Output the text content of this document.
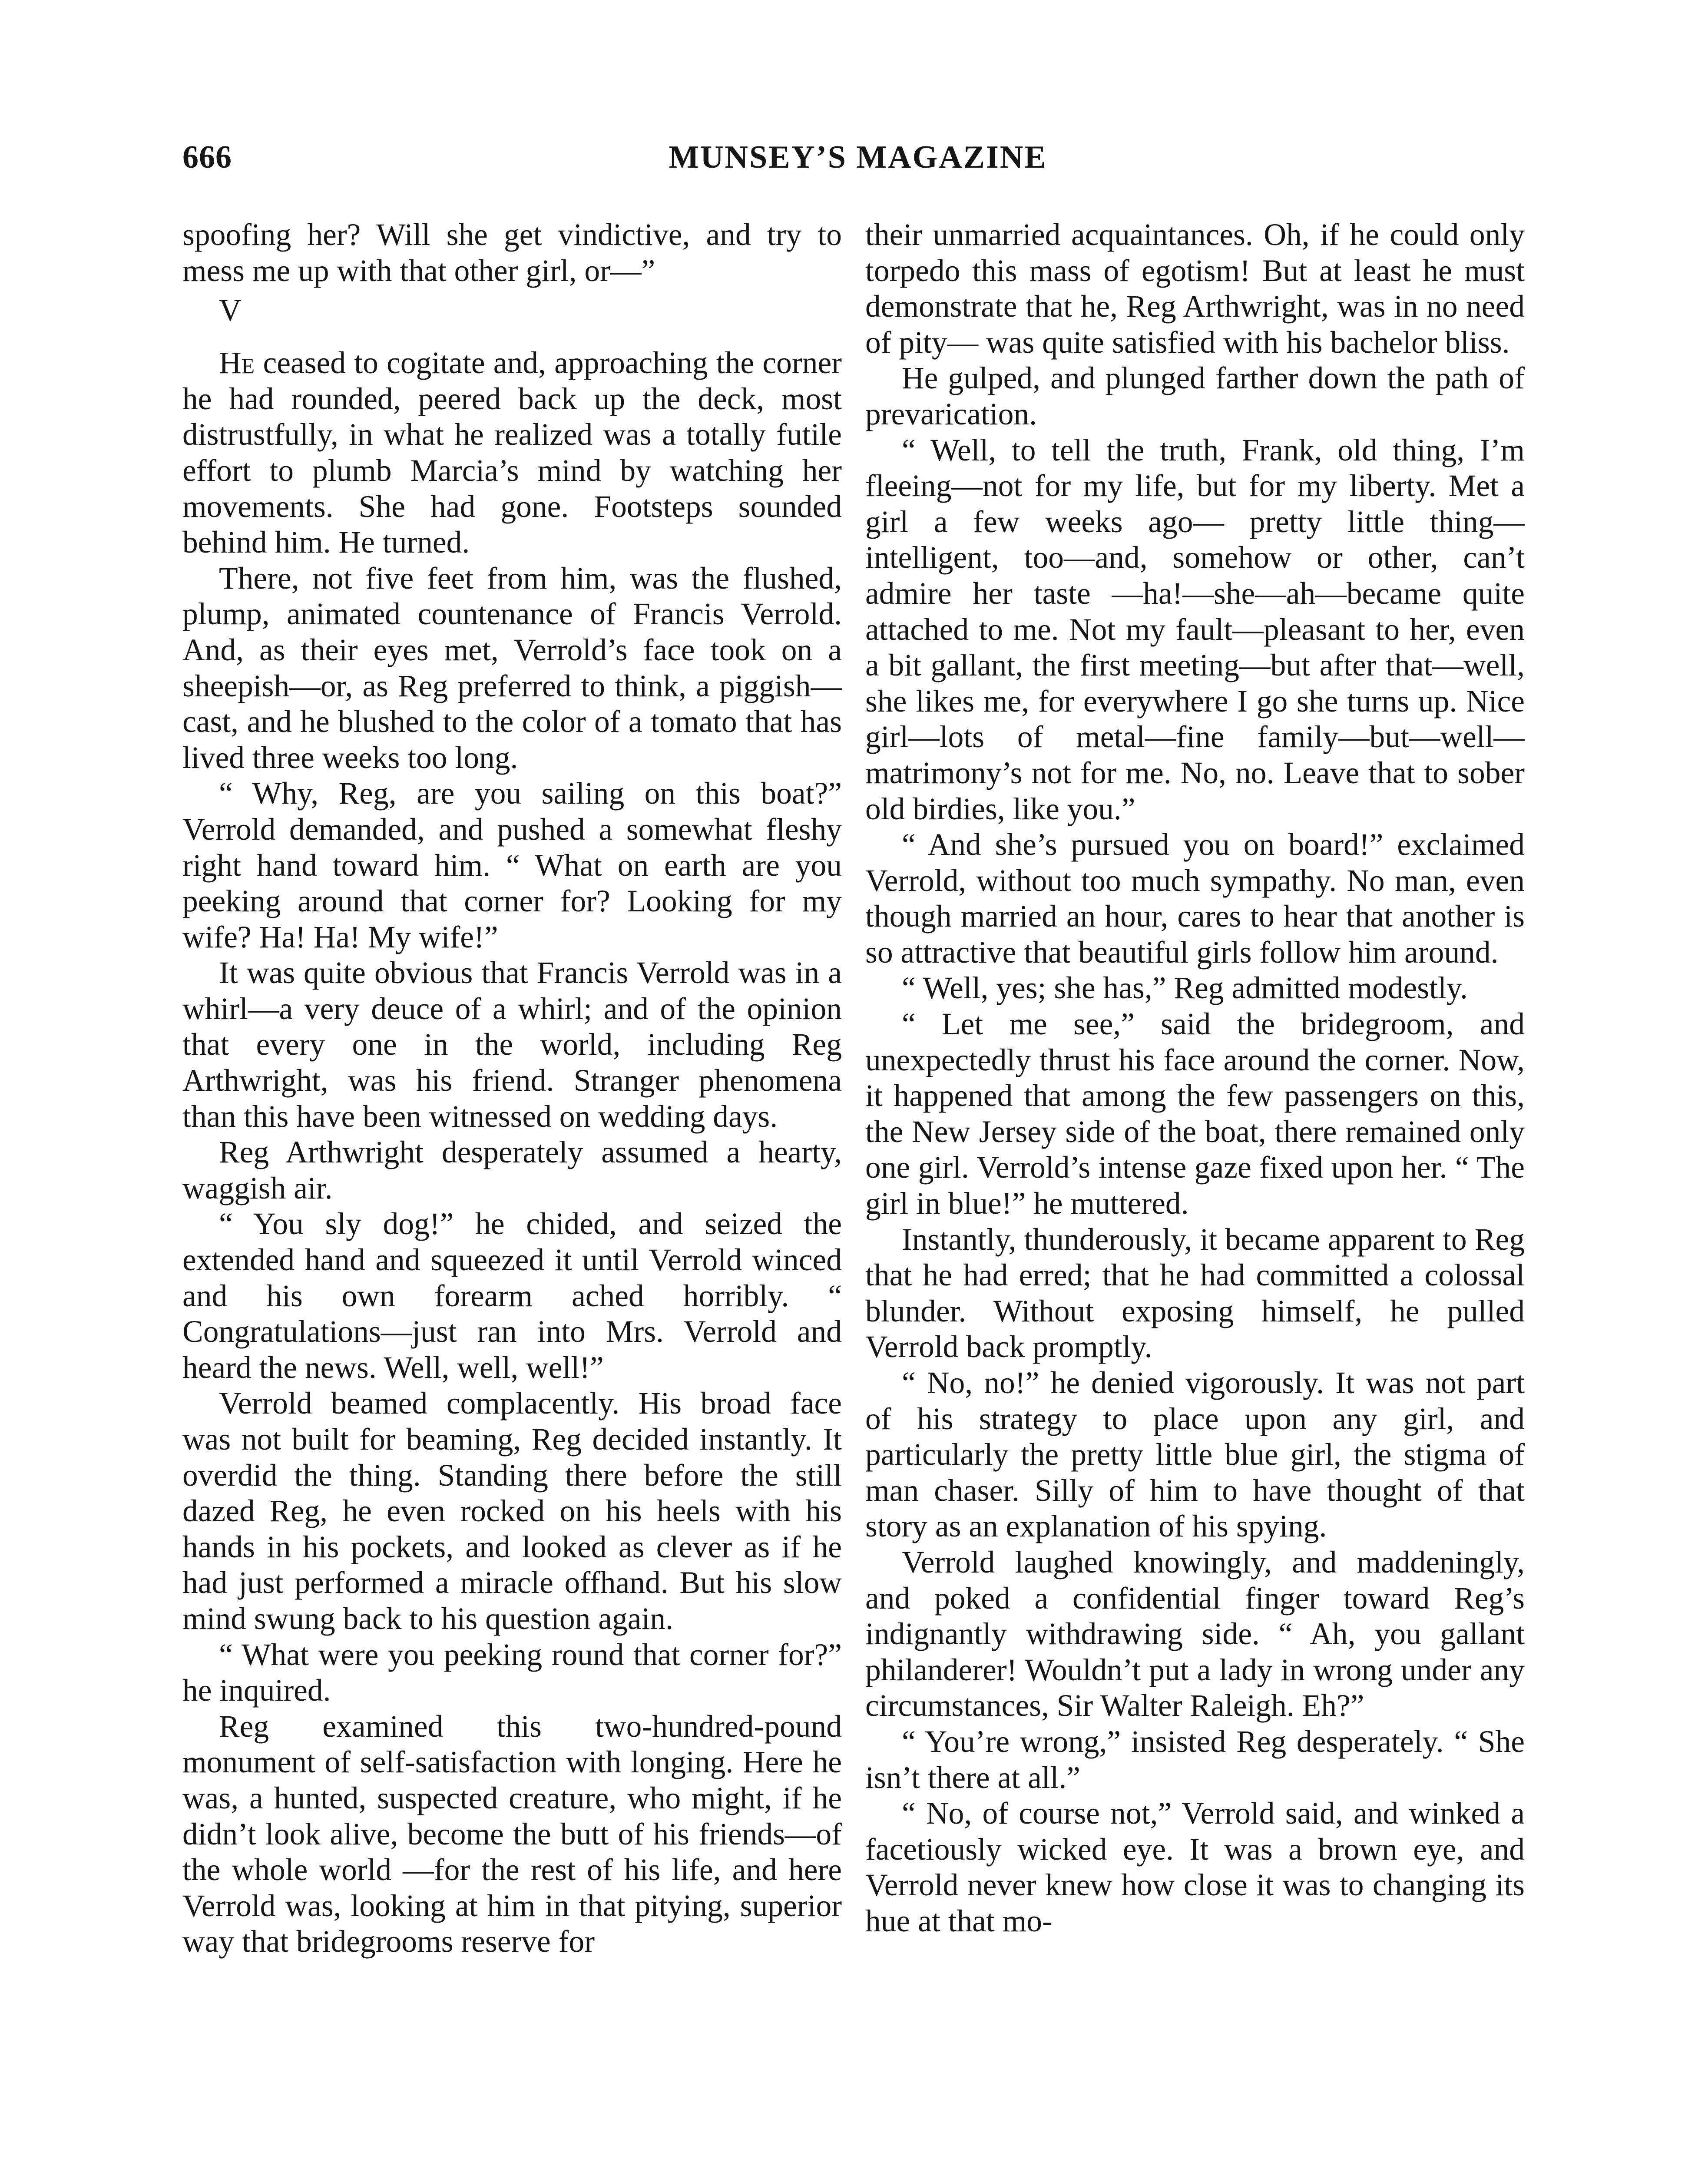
666	MUNSEY’S MAGAZINE

spoofing her? Will she get vindictive, and try to mess me up with that other girl, or—”

V

He ceased to cogitate and, approaching the corner he had rounded, peered back up the deck, most distrustfully, in what he realized was a totally futile effort to plumb Marcia’s mind by watching her movements. She had gone. Footsteps sounded behind him. He turned.

There, not five feet from him, was the flushed, plump, animated countenance of Francis Verrold. And, as their eyes met, Verrold’s face took on a sheepish—or, as Reg preferred to think, a piggish—cast, and he blushed to the color of a tomato that has lived three weeks too long.

“ Why, Reg, are you sailing on this boat?” Verrold demanded, and pushed a somewhat fleshy right hand toward him. “ What on earth are you peeking around that corner for? Looking for my wife? Ha! Ha! My wife!”

It was quite obvious that Francis Verrold was in a whirl—a very deuce of a whirl; and of the opinion that every one in the world, including Reg Arthwright, was his friend. Stranger phenomena than this have been witnessed on wedding days.

Reg Arthwright desperately assumed a hearty, waggish air.

“ You sly dog!” he chided, and seized the extended hand and squeezed it until Verrold winced and his own forearm ached horribly. “ Congratulations—just ran into Mrs. Verrold and heard the news. Well, well, well!”

Verrold beamed complacently. His broad face was not built for beaming, Reg decided instantly. It overdid the thing. Standing there before the still dazed Reg, he even rocked on his heels with his hands in his pockets, and looked as clever as if he had just performed a miracle offhand. But his slow mind swung back to his question again.

“ What were you peeking round that corner for?” he inquired.

Reg examined this two-hundred-pound monument of self-satisfaction with longing. Here he was, a hunted, suspected creature, who might, if he didn’t look alive, become the butt of his friends—of the whole world —for the rest of his life, and here Verrold was, looking at him in that pitying, superior way that bridegrooms reserve for

their unmarried acquaintances. Oh, if he could only torpedo this mass of egotism! But at least he must demonstrate that he, Reg Arthwright, was in no need of pity— was quite satisfied with his bachelor bliss.

He gulped, and plunged farther down the path of prevarication.

“ Well, to tell the truth, Frank, old thing, I’m fleeing—not for my life, but for my liberty. Met a girl a few weeks ago— pretty little thing—intelligent, too—and, somehow or other, can’t admire her taste —ha!—she—ah—became quite attached to me. Not my fault—pleasant to her, even a bit gallant, the first meeting—but after that—well, she likes me, for everywhere I go she turns up. Nice girl—lots of metal—fine family—but—well—matrimony’s not for me. No, no. Leave that to sober old birdies, like you.”

“ And she’s pursued you on board!” exclaimed Verrold, without too much sympathy. No man, even though married an hour, cares to hear that another is so attractive that beautiful girls follow him around.

“ Well, yes; she has,” Reg admitted modestly.

“ Let me see,” said the bridegroom, and unexpectedly thrust his face around the corner. Now, it happened that among the few passengers on this, the New Jersey side of the boat, there remained only one girl. Verrold’s intense gaze fixed upon her. “ The girl in blue!” he muttered.

Instantly, thunderously, it became apparent to Reg that he had erred; that he had committed a colossal blunder. Without exposing himself, he pulled Verrold back promptly.

“ No, no!” he denied vigorously. It was not part of his strategy to place upon any girl, and particularly the pretty little blue girl, the stigma of man chaser. Silly of him to have thought of that story as an explanation of his spying.

Verrold laughed knowingly, and maddeningly, and poked a confidential finger toward Reg’s indignantly withdrawing side. “ Ah, you gallant philanderer! Wouldn’t put a lady in wrong under any circumstances, Sir Walter Raleigh. Eh?”

“ You’re wrong,” insisted Reg desperately. “ She isn’t there at all.”

“ No, of course not,” Verrold said, and winked a facetiously wicked eye. It was a brown eye, and Verrold never knew how close it was to changing its hue at that mo-
